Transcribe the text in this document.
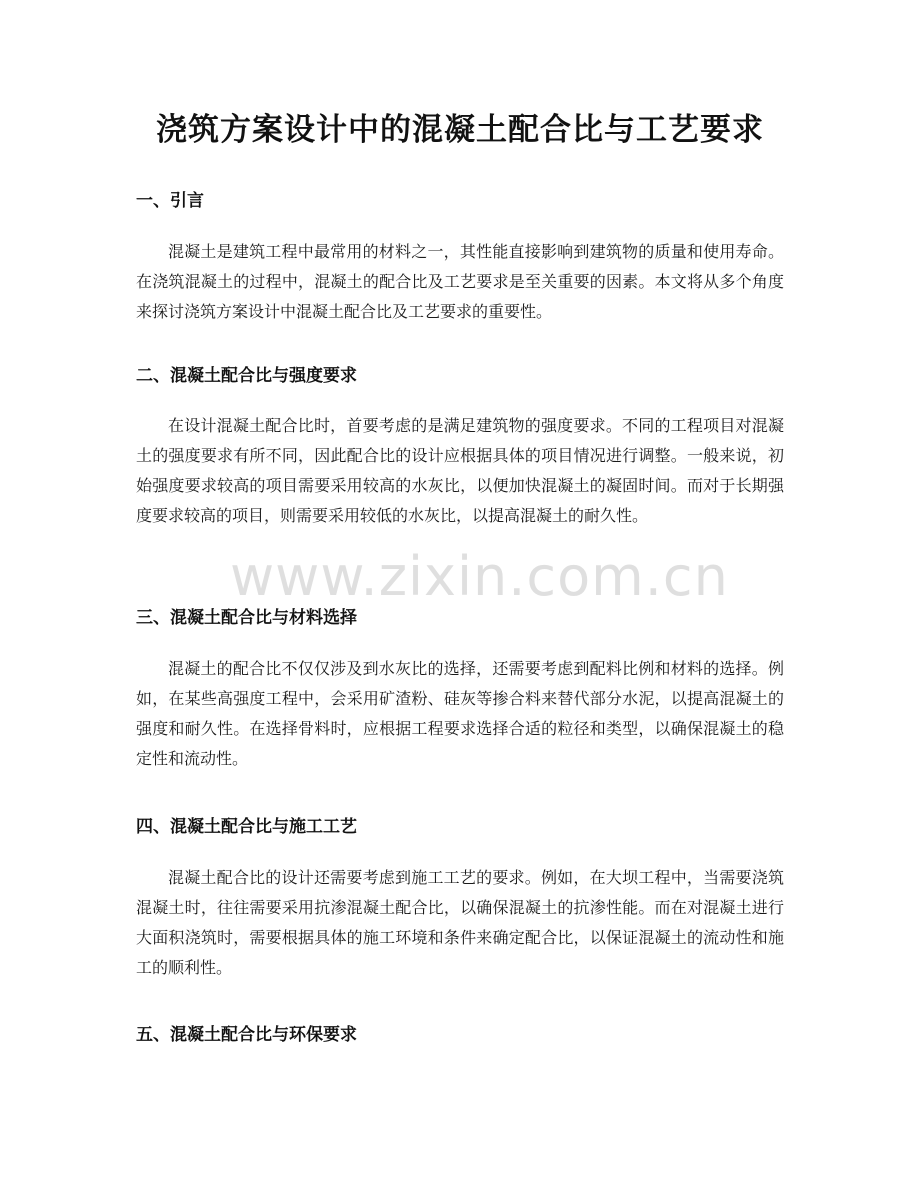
浇筑方案设计中的混凝土配合比与工艺要求
一、引言
混凝土是建筑工程中最常用的材料之一，其性能直接影响到建筑物的质量和使用寿命。在浇筑混凝土的过程中，混凝土的配合比及工艺要求是至关重要的因素。本文将从多个角度来探讨浇筑方案设计中混凝土配合比及工艺要求的重要性。
二、混凝土配合比与强度要求
在设计混凝土配合比时，首要考虑的是满足建筑物的强度要求。不同的工程项目对混凝土的强度要求有所不同，因此配合比的设计应根据具体的项目情况进行调整。一般来说，初始强度要求较高的项目需要采用较高的水灰比，以便加快混凝土的凝固时间。而对于长期强度要求较高的项目，则需要采用较低的水灰比，以提高混凝土的耐久性。
三、混凝土配合比与材料选择
混凝土的配合比不仅仅涉及到水灰比的选择，还需要考虑到配料比例和材料的选择。例如，在某些高强度工程中，会采用矿渣粉、硅灰等掺合料来替代部分水泥，以提高混凝土的强度和耐久性。在选择骨料时，应根据工程要求选择合适的粒径和类型，以确保混凝土的稳定性和流动性。
四、混凝土配合比与施工工艺
混凝土配合比的设计还需要考虑到施工工艺的要求。例如，在大坝工程中，当需要浇筑混凝土时，往往需要采用抗渗混凝土配合比，以确保混凝土的抗渗性能。而在对混凝土进行大面积浇筑时，需要根据具体的施工环境和条件来确定配合比，以保证混凝土的流动性和施工的顺利性。
五、混凝土配合比与环保要求
www.zixin.com.cn
